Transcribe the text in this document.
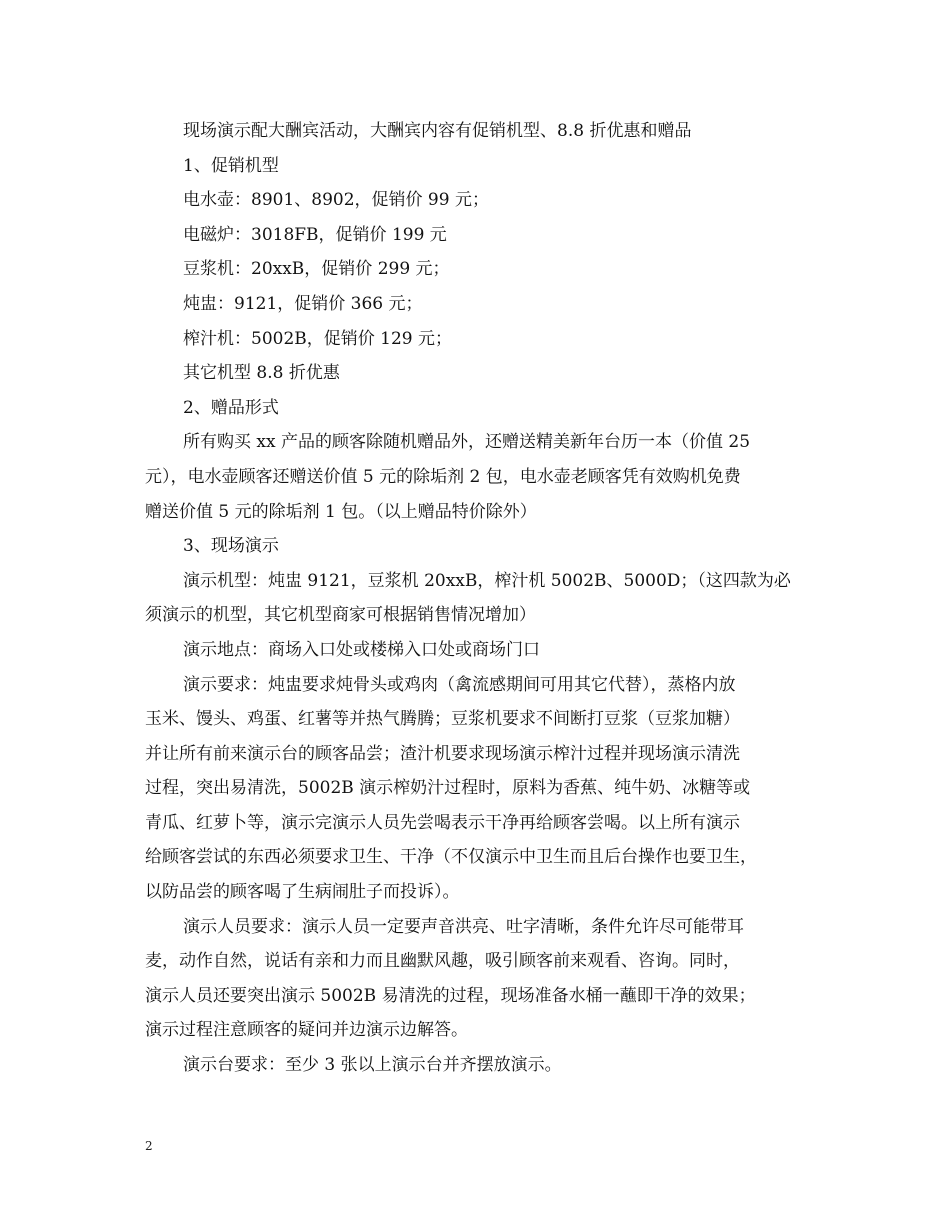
现场演示配大酬宾活动，大酬宾内容有促销机型、8.8 折优惠和赠品
1、促销机型
电水壶：8901、8902，促销价 99 元；
电磁炉：3018FB，促销价 199 元
豆浆机：20xxB，促销价 299 元；
炖盅：9121，促销价 366 元；
榨汁机：5002B，促销价 129 元；
其它机型 8.8 折优惠
2、赠品形式
所有购买 xx 产品的顾客除随机赠品外，还赠送精美新年台历一本（价值 25
元），电水壶顾客还赠送价值 5 元的除垢剂 2 包，电水壶老顾客凭有效购机免费
赠送价值 5 元的除垢剂 1 包。（以上赠品特价除外）
3、现场演示
演示机型：炖盅 9121，豆浆机 20xxB，榨汁机 5002B、5000D；（这四款为必
须演示的机型，其它机型商家可根据销售情况增加）
演示地点：商场入口处或楼梯入口处或商场门口
演示要求：炖盅要求炖骨头或鸡肉（禽流感期间可用其它代替），蒸格内放
玉米、馒头、鸡蛋、红薯等并热气腾腾；豆浆机要求不间断打豆浆（豆浆加糖）
并让所有前来演示台的顾客品尝；渣汁机要求现场演示榨汁过程并现场演示清洗
过程，突出易清洗，5002B 演示榨奶汁过程时，原料为香蕉、纯牛奶、冰糖等或
青瓜、红萝卜等，演示完演示人员先尝喝表示干净再给顾客尝喝。以上所有演示
给顾客尝试的东西必须要求卫生、干净（不仅演示中卫生而且后台操作也要卫生，
以防品尝的顾客喝了生病闹肚子而投诉）。
演示人员要求：演示人员一定要声音洪亮、吐字清晰，条件允许尽可能带耳
麦，动作自然，说话有亲和力而且幽默风趣，吸引顾客前来观看、咨询。同时，
演示人员还要突出演示 5002B 易清洗的过程，现场准备水桶一蘸即干净的效果；
演示过程注意顾客的疑问并边演示边解答。
演示台要求：至少 3 张以上演示台并齐摆放演示。
2
